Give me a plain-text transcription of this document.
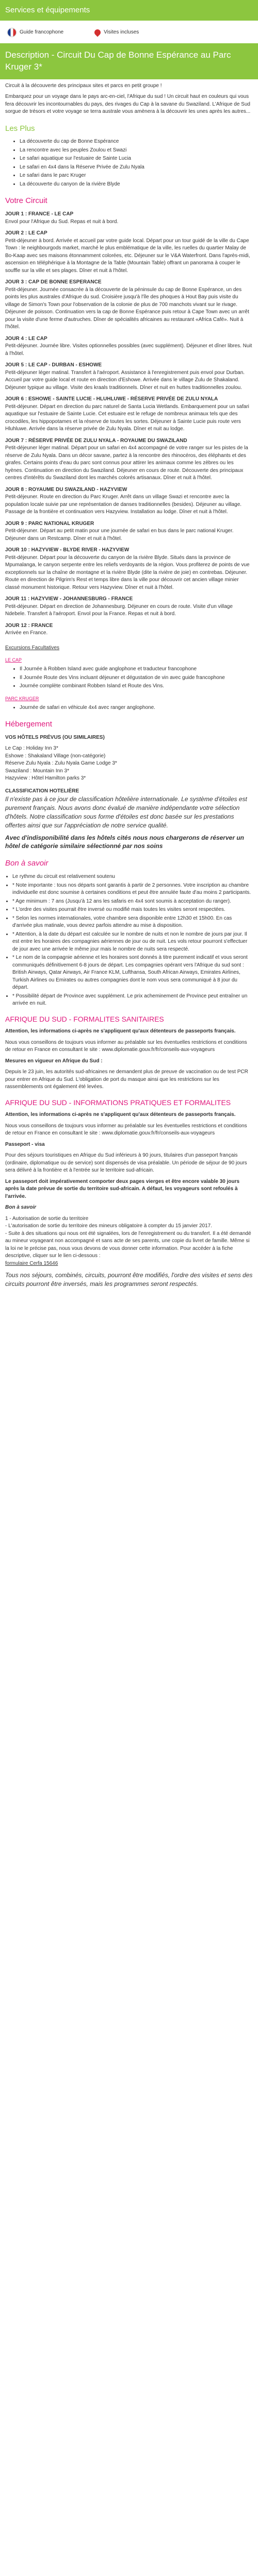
Services et équipements
Guide francophone	Visites incluses
Description - Circuit Du Cap de Bonne Espérance au Parc Kruger 3*

Circuit à la découverte des principaux sites et parcs en petit groupe !

Embarquez pour un voyage dans le pays arc-en-ciel, l'Afrique du sud ! Un circuit haut en couleurs qui vous fera découvrir les incontournables du pays, des rivages du Cap à la savane du Swaziland. L'Afrique de Sud sorgue de trésors et votre voyage se terra australe vous amènera à la découvrir les unes après les autres...

Les Plus
• La découverte du cap de Bonne Espérance
• La rencontre avec les peuples Zoulou et Swazi
• Le safari aquatique sur l'estuaire de Sainte Lucia
• Le safari en 4x4 dans la Réserve Privée de Zulu Nyala
• Le safari dans le parc Kruger
• La découverte du canyon de la rivière Blyde
Votre Circuit
JOUR 1 : FRANCE - LE CAP
Envol pour l'Afrique du Sud. Repas et nuit à bord.
JOUR 2 : LE CAP
Petit-déjeuner à bord. Arrivée et accueil par votre guide local. Départ pour un tour guidé de la ville du Cape Town : le neighbourgods market, marché le plus emblématique de la ville, les ruelles du quartier Malay de Bo-Kaap avec ses maisons étonnamment colorées, etc. Déjeuner sur le V&A Waterfront. Dans l'après-midi, ascension en téléphérique à la Montagne de la Table (Mountain Table) offrant un panorama à couper le souffle sur la ville et ses plages. Dîner et nuit à l'hôtel.
JOUR 3 : CAP DE BONNE ESPERANCE
Petit-déjeuner. Journée consacrée à la découverte de la péninsule du cap de Bonne Espérance, un des points les plus australes d'Afrique du sud. Croisière jusqu'à l'île des phoques à Hout Bay puis visite du village de Simon's Town pour l'observation de la colonie de plus de 700 manchots vivant sur le rivage. Déjeuner de poisson. Continuation vers la cap de Bonne Espérance puis retour à Cape Town avec un arrêt pour la visite d'une ferme d'autruches. Dîner de spécialités africaines au restaurant «Africa Café». Nuit à l'hôtel.
JOUR 4 : LE CAP
Petit-déjeuner. Journée libre. Visites optionnelles possibles (avec supplément). Déjeuner et dîner libres. Nuit à l'hôtel.
JOUR 5 : LE CAP - DURBAN - ESHOWE
Petit-déjeuner léger matinal. Transfert à l'aéroport. Assistance à l'enregistrement puis envol pour Durban. Accueil par votre guide local et route en direction d'Eshowe. Arrivée dans le village Zulu de Shakaland. Déjeuner typique au village. Visite des kraals traditionnels. Dîner et nuit en huttes traditionnelles zoulou.
JOUR 6 : ESHOWE - SAINTE LUCIE - HLUHLUWE - RÉSERVE PRIVÉE DE ZULU NYALA
Petit-déjeuner. Départ en direction du parc naturel de Santa Lucia Wetlands. Embarquement pour un safari aquatique sur l'estuaire de Sainte Lucie. Cet estuaire est le refuge de nombreux animaux tels que des crocodiles, les hippopotames et la réserve de toutes les sortes. Déjeuner à Sainte Lucie puis route vers Hluhluwe. Arrivée dans la réserve privée de Zulu Nyala. Dîner et nuit au lodge.
JOUR 7 : RÉSERVE PRIVÉE DE ZULU NYALA - ROYAUME DU SWAZILAND
Petit-déjeuner léger matinal. Départ pour un safari en 4x4 accompagné de votre ranger sur les pistes de la réserve de Zulu Nyala. Dans un décor savane, partez à la rencontre des rhinocéros, des éléphants et des girafes. Certains points d'eau du parc sont connus pour attirer les animaux comme les zèbres ou les hyènes. Continuation en direction du Swaziland. Déjeuner en cours de route. Découverte des principaux centres d'intérêts du Swaziland dont les marchés colorés artisanaux. Dîner et nuit à l'hôtel.
JOUR 8 : ROYAUME DU SWAZILAND - HAZYVIEW
Petit-déjeuner. Route en direction du Parc Kruger. Arrêt dans un village Swazi et rencontre avec la population locale suivie par une représentation de danses traditionnelles (besides). Déjeuner au village. Passage de la frontière et continuation vers Hazyview. Installation au lodge. Dîner et nuit à l'hôtel.
JOUR 9 : PARC NATIONAL KRUGER
Petit-déjeuner. Départ au petit matin pour une journée de safari en bus dans le parc national Kruger. Déjeuner dans un Restcamp. Dîner et nuit à l'hôtel.
JOUR 10 : HAZYVIEW - BLYDE RIVER - HAZYVIEW
Petit-déjeuner. Départ pour la découverte du canyon de la rivière Blyde. Situés dans la province de Mpumalanga, le canyon serpente entre les reliefs verdoyants de la région. Vous profiterez de points de vue exceptionnels sur la chaîne de montagne et la rivière Blyde (dite la rivière de joie) en contrebas. Déjeuner. Route en direction de Pilgrim's Rest et temps libre dans la ville pour découvrir cet ancien village minier classé monument historique. Retour vers Hazyview. Dîner et nuit à l'hôtel.
JOUR 11 : HAZYVIEW - JOHANNESBURG - FRANCE
Petit-déjeuner. Départ en direction de Johannesburg. Déjeuner en cours de route. Visite d'un village Ndebele. Transfert à l'aéroport. Envol pour la France. Repas et nuit à bord.
JOUR 12 : FRANCE
Arrivée en France.
Excursions Facultatives
LE CAP
• Il Journée à Robben Island avec guide anglophone et traducteur francophone
• Il Journée Route des Vins incluant déjeuner et dégustation de vin avec guide francophone
• Journée complète combinant Robben Island et Route des Vins.
PARC KRUGER
• Journée de safari en véhicule 4x4 avec ranger anglophone.
Hébergement

VOS HÔTELS PRÉVUS (OU SIMILAIRES)

Le Cap : Holiday Inn 3*
Eshowe : Shakaland Village (non-catégorie)
Réserve Zulu Nyala : Zulu Nyala Game Lodge 3*
Swaziland : Mountain Inn 3*
Hazyview : Hôtel Hamilton parks 3*

CLASSIFICATION HOTELIÈRE

Il n'existe pas à ce jour de classification hôtelière internationale. Le système d'étoiles est purement français. Nous avons donc évalué de manière indépendante votre sélection d'hôtels. Notre classification sous forme d'étoiles est donc basée sur les prestations offertes ainsi que sur l'appréciation de notre service qualité.

Avec d'indisponibilité dans les hôtels cités nous nous chargerons de réserver un hôtel de catégorie similaire sélectionné par nos soins

Bon à savoir
• Le rythme du circuit est relativement soutenu
• * Note importante : tous nos départs sont garantis à partir de 2 personnes. Votre inscription au chambre individuelle est donc soumise à certaines conditions et peut être annulée faute d'au moins 2 participants.
• * Age minimum : 7 ans (Jusqu'à 12 ans les safaris en 4x4 sont soumis à acceptation du ranger).
• * L'ordre des visites pourrait être inversé ou modifié mais toutes les visites seront respectées.
• * Selon les normes internationales, votre chambre sera disponible entre 12h30 et 15h00. En cas d'arrivée plus matinale, vous devrez parfois attendre au mise à disposition.
• * Attention, à la date du départ est calculée sur le nombre de nuits et non le nombre de jours par jour. Il est entre les horaires des compagnies aériennes de jour ou de nuit. Les vols retour pourront s'effectuer de jour avec une arrivée le même jour mais le nombre de nuits sera respecté.
• * Le nom de la compagnie aérienne et les horaires sont donnés à titre purement indicatif et vous seront communiqués définitivement 6-8 jours de départ. Les compagnies opérant vers l'Afrique du sud sont : British Airways, Qatar Airways, Air France KLM, Lufthansa, South African Airways, Emirates Airlines, Turkish Airlines ou Emirates ou autres compagnies dont le nom vous sera communiqué à 8 jour du départ.
• * Possibilité départ de Province avec supplément. Le prix acheminement de Province peut entraîner un arrivée en nuit.
AFRIQUE DU SUD - FORMALITES SANITAIRES

Attention, les informations ci-après ne s'appliquent qu'aux détenteurs de passeports français.

Nous vous conseillons de toujours vous informer au préalable sur les éventuelles restrictions et conditions de retour en France en consultant le site : www.diplomatie.gouv.fr/fr/conseils-aux-voyageurs

Mesures en vigueur en Afrique du Sud :

Depuis le 23 juin, les autorités sud-africaines ne demandent plus de preuve de vaccination ou de test PCR pour entrer en Afrique du Sud. L'obligation de port du masque ainsi que les restrictions sur les rassemblements ont également été levées.

AFRIQUE DU SUD - INFORMATIONS PRATIQUES ET FORMALITES

Attention, les informations ci-après ne s'appliquent qu'aux détenteurs de passeports français.

Nous vous conseillons de toujours vous informer au préalable sur les éventuelles restrictions et conditions de retour en France en consultant le site : www.diplomatie.gouv.fr/fr/conseils-aux-voyageurs

Passeport - visa

Pour des séjours touristiques en Afrique du Sud inférieurs à 90 jours, titulaires d'un passeport français (ordinaire, diplomatique ou de service) sont dispensés de visa préalable. Un période de séjour de 90 jours sera délivré à la frontière et à l'entrée sur le territoire sud-africain.

Le passeport doit impérativement comporter deux pages vierges et être encore valable 30 jours après la date prévue de sortie du territoire sud-africain. A défaut, les voyageurs sont refoulés à l'arrivée.

Bon à savoir

1 - Autorisation de sortie du territoire
- L'autorisation de sortie du territoire des mineurs obligatoire à compter du 15 janvier 2017.
- Suite à des situations qui nous ont été signalées, lors de l'enregistrement ou du transfert. Il a été demandé au mineur voyageant non accompagné et sans acte de ses parents, une copie du livret de famille. Même si la loi ne le précise pas, nous vous devons de vous donner cette information. Pour accéder à la fiche descriptive, cliquer sur le lien ci-dessous :
formulaire Cerfa 15646

Tous nos séjours, combinés, circuits, pourront être modifiés, l'ordre des visites et sens des circuits pourront être inversés, mais les programmes seront respectés.
